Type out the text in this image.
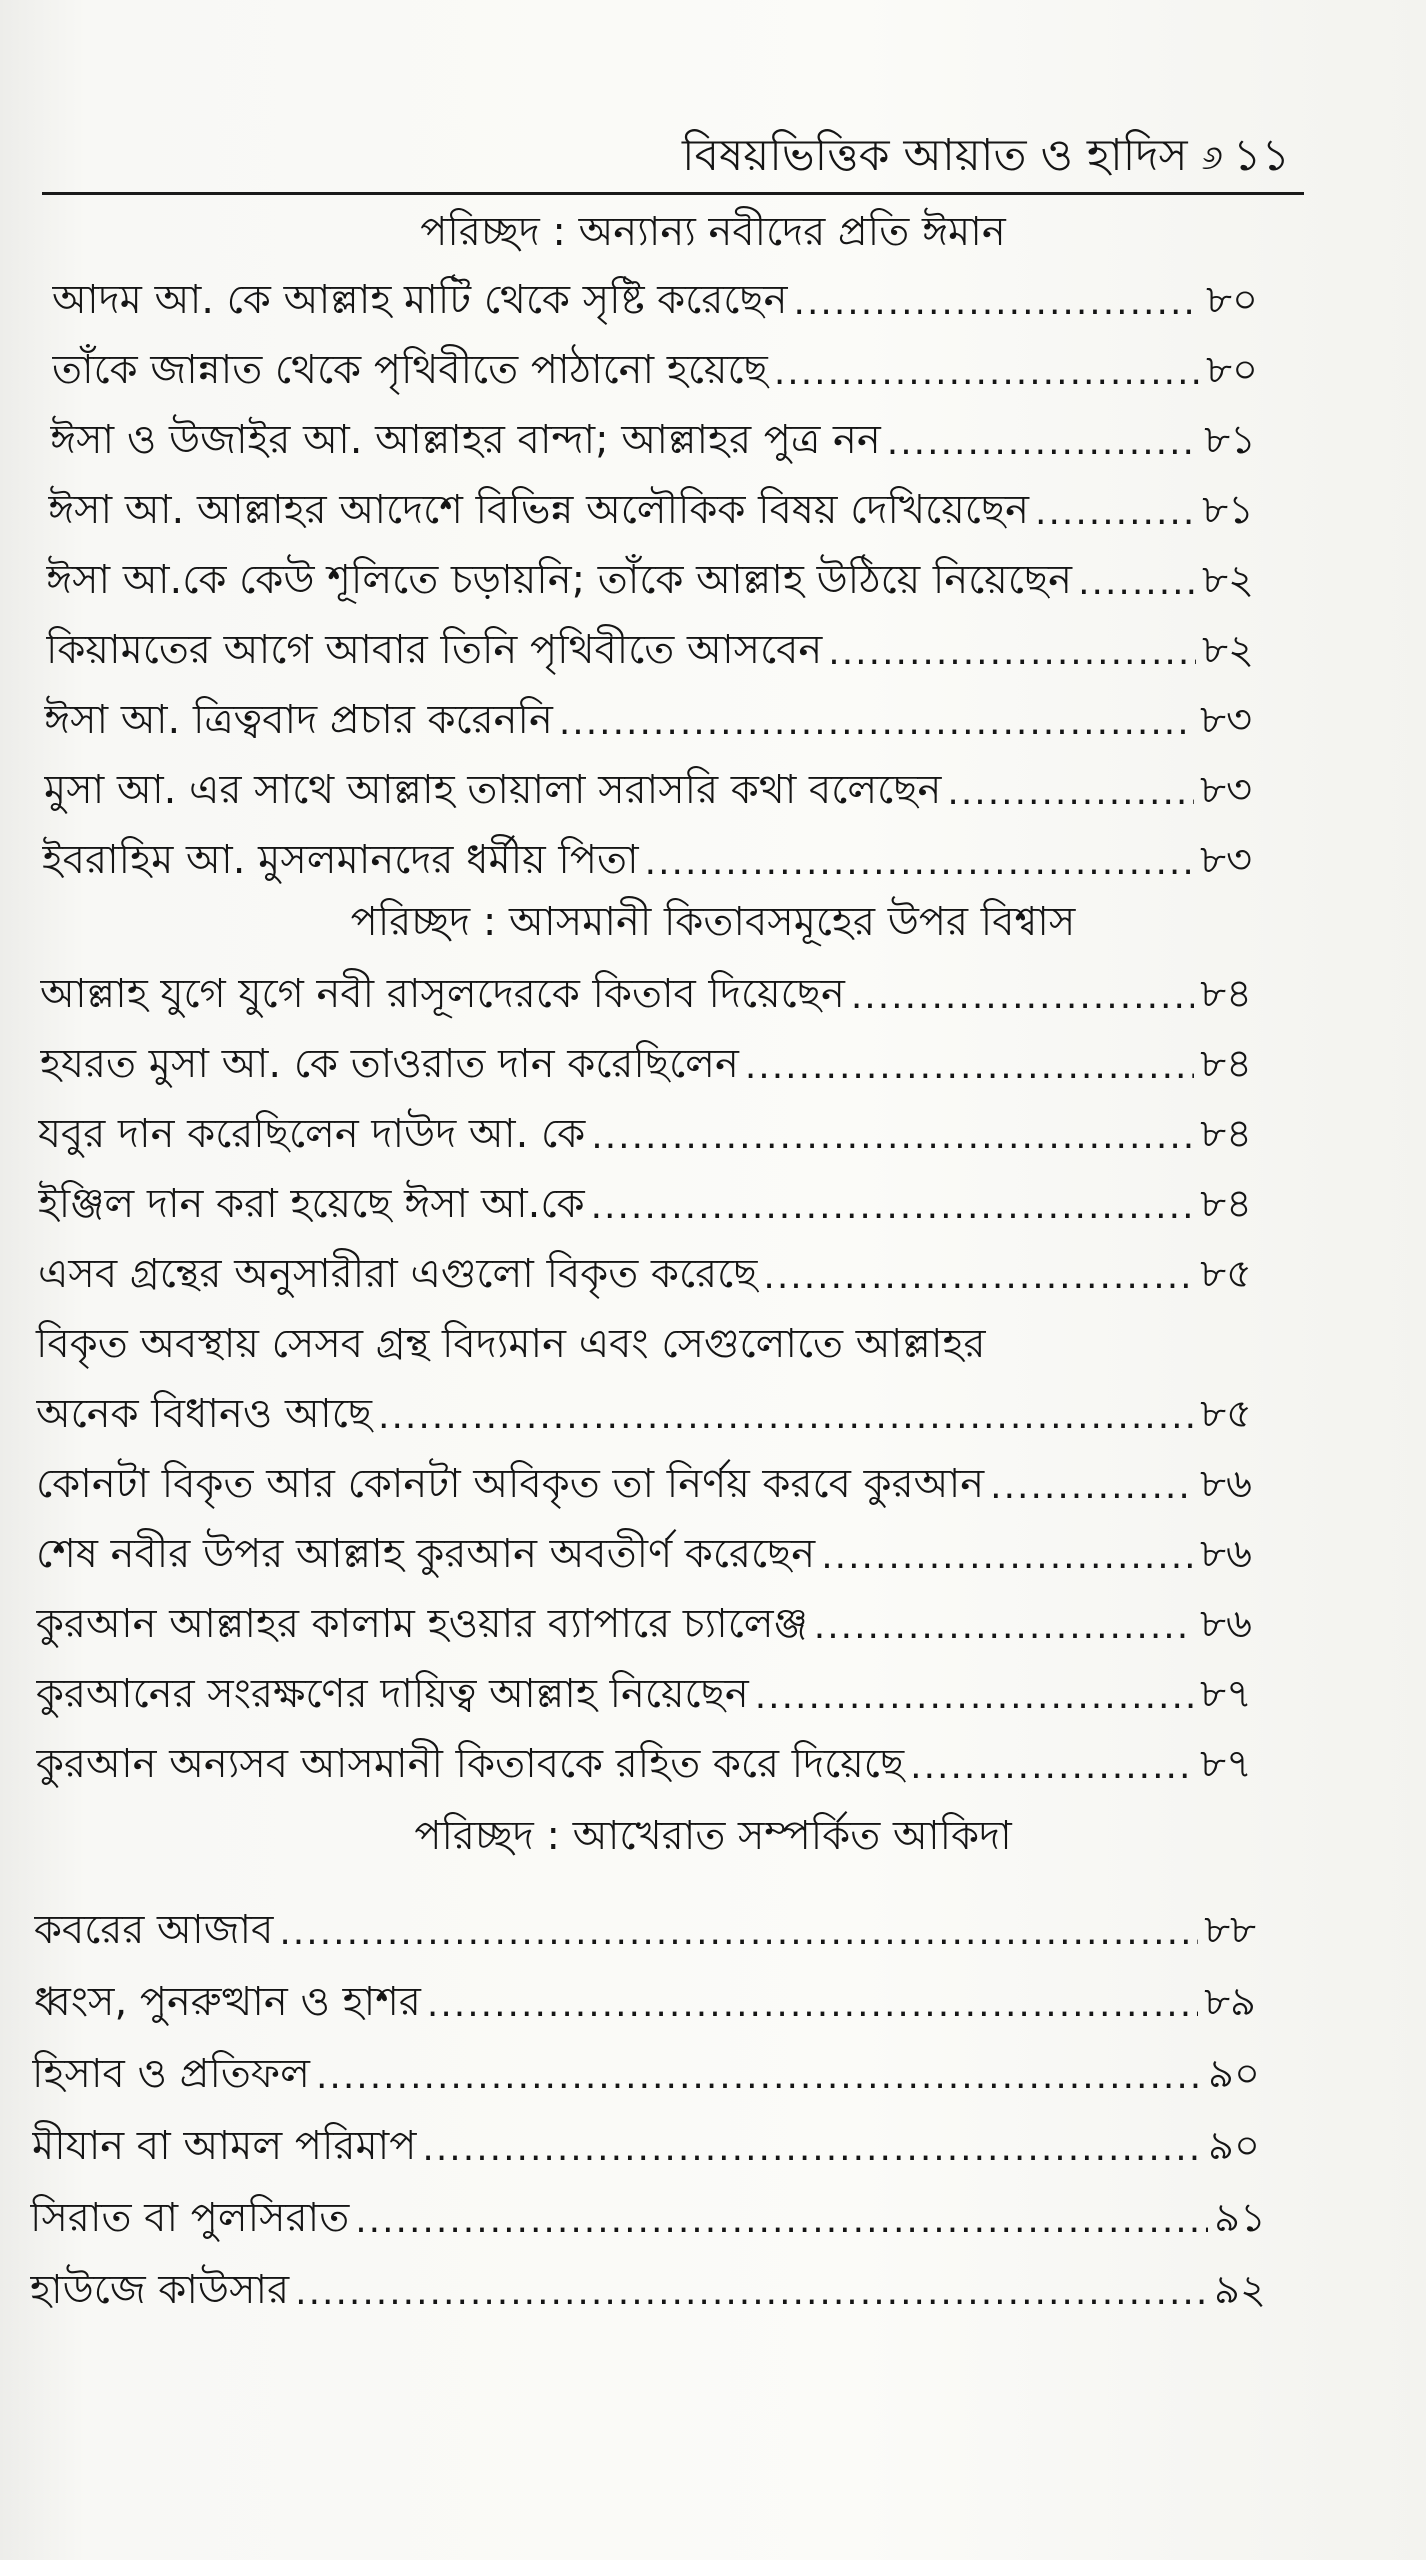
বিষয়ভিত্তিক আয়াত ও হাদিস ୬ ১১
পরিচ্ছদ : অন্যান্য নবীদের প্রতি ঈমান
আদম আ. কে আল্লাহ মাটি থেকে সৃষ্টি করেছেন .....	৮০
তাঁকে জান্নাত থেকে পৃথিবীতে পাঠানো হয়েছে .....	৮০
ঈসা ও উজাইর আ. আল্লাহর বান্দা; আল্লাহর পুত্র নন .....	৮১
ঈসা আ. আল্লাহর আদেশে বিভিন্ন অলৌকিক বিষয় দেখিয়েছেন .....	৮১
ঈসা আ.কে কেউ শূলিতে চড়ায়নি; তাঁকে আল্লাহ উঠিয়ে নিয়েছেন .....	৮২
কিয়ামতের আগে আবার তিনি পৃথিবীতে আসবেন .....	৮২
ঈসা আ. ত্রিত্ববাদ প্রচার করেননি .....	৮৩
মুসা আ. এর সাথে আল্লাহ তায়ালা সরাসরি কথা বলেছেন .....	৮৩
ইবরাহিম আ. মুসলমানদের ধর্মীয় পিতা .....	৮৩
পরিচ্ছদ : আসমানী কিতাবসমূহের উপর বিশ্বাস
আল্লাহ যুগে যুগে নবী রাসূলদেরকে কিতাব দিয়েছেন .....	৮৪
হযরত মুসা আ. কে তাওরাত দান করেছিলেন .....	৮৪
যবুর দান করেছিলেন দাউদ আ. কে .....	৮৪
ইঞ্জিল দান করা হয়েছে ঈসা আ.কে .....	৮৪
এসব গ্রন্থের অনুসারীরা এগুলো বিকৃত করেছে .....	৮৫
বিকৃত অবস্থায় সেসব গ্রন্থ বিদ্যমান এবং সেগুলোতে আল্লাহর
অনেক বিধানও আছে .....	৮৫
কোনটা বিকৃত আর কোনটা অবিকৃত তা নির্ণয় করবে কুরআন .....	৮৬
শেষ নবীর উপর আল্লাহ কুরআন অবতীর্ণ করেছেন .....	৮৬
কুরআন আল্লাহর কালাম হওয়ার ব্যাপারে চ্যালেঞ্জ .....	৮৬
কুরআনের সংরক্ষণের দায়িত্ব আল্লাহ নিয়েছেন .....	৮৭
কুরআন অন্যসব আসমানী কিতাবকে রহিত করে দিয়েছে .....	৮৭
পরিচ্ছদ : আখেরাত সম্পর্কিত আকিদা
কবরের আজাব .....	৮৮
ধ্বংস, পুনরুত্থান ও হাশর .....	৮৯
হিসাব ও প্রতিফল .....	৯০
মীযান বা আমল পরিমাপ .....	৯০
সিরাত বা পুলসিরাত .....	৯১
হাউজে কাউসার .....	৯২
